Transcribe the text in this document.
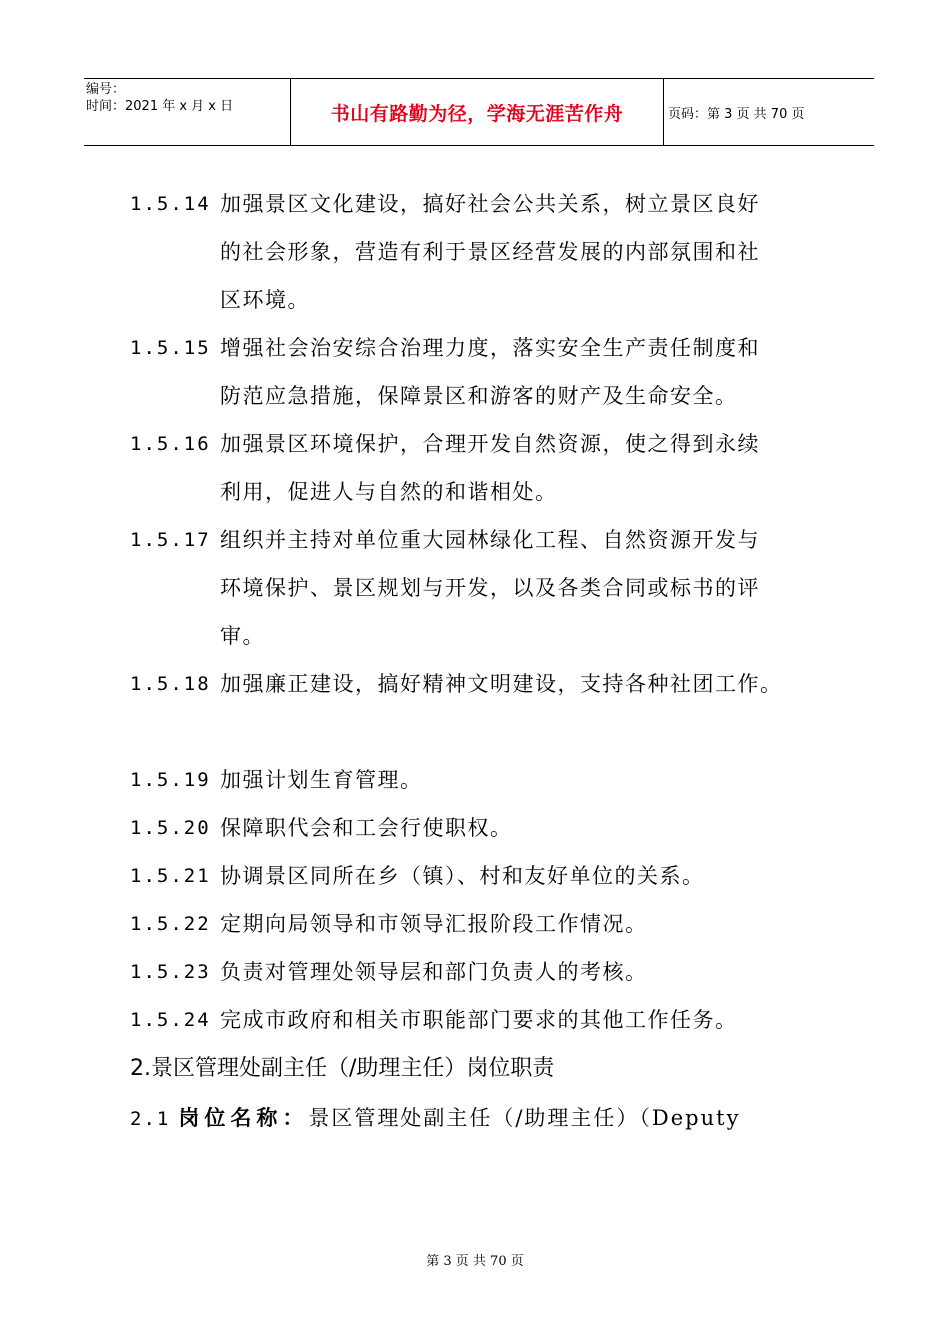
编号：
时间：2021 年 x 月 x 日	书山有路勤为径，学海无涯苦作舟	页码：第 3 页 共 70 页
1.5.14 加强景区文化建设，搞好社会公共关系，树立景区良好
的社会形象，营造有利于景区经营发展的内部氛围和社
区环境。
1.5.15 增强社会治安综合治理力度，落实安全生产责任制度和
防范应急措施，保障景区和游客的财产及生命安全。
1.5.16 加强景区环境保护，合理开发自然资源，使之得到永续
利用，促进人与自然的和谐相处。
1.5.17 组织并主持对单位重大园林绿化工程、自然资源开发与
环境保护、景区规划与开发，以及各类合同或标书的评
审。
1.5.18 加强廉正建设，搞好精神文明建设，支持各种社团工作。
1.5.19 加强计划生育管理。
1.5.20 保障职代会和工会行使职权。
1.5.21 协调景区同所在乡（镇）、村和友好单位的关系。
1.5.22 定期向局领导和市领导汇报阶段工作情况。
1.5.23 负责对管理处领导层和部门负责人的考核。
1.5.24 完成市政府和相关市职能部门要求的其他工作任务。
2.景区管理处副主任（/助理主任）岗位职责
2.1 岗位名称：景区管理处副主任（/助理主任）（Deputy
第 3 页 共 70 页
